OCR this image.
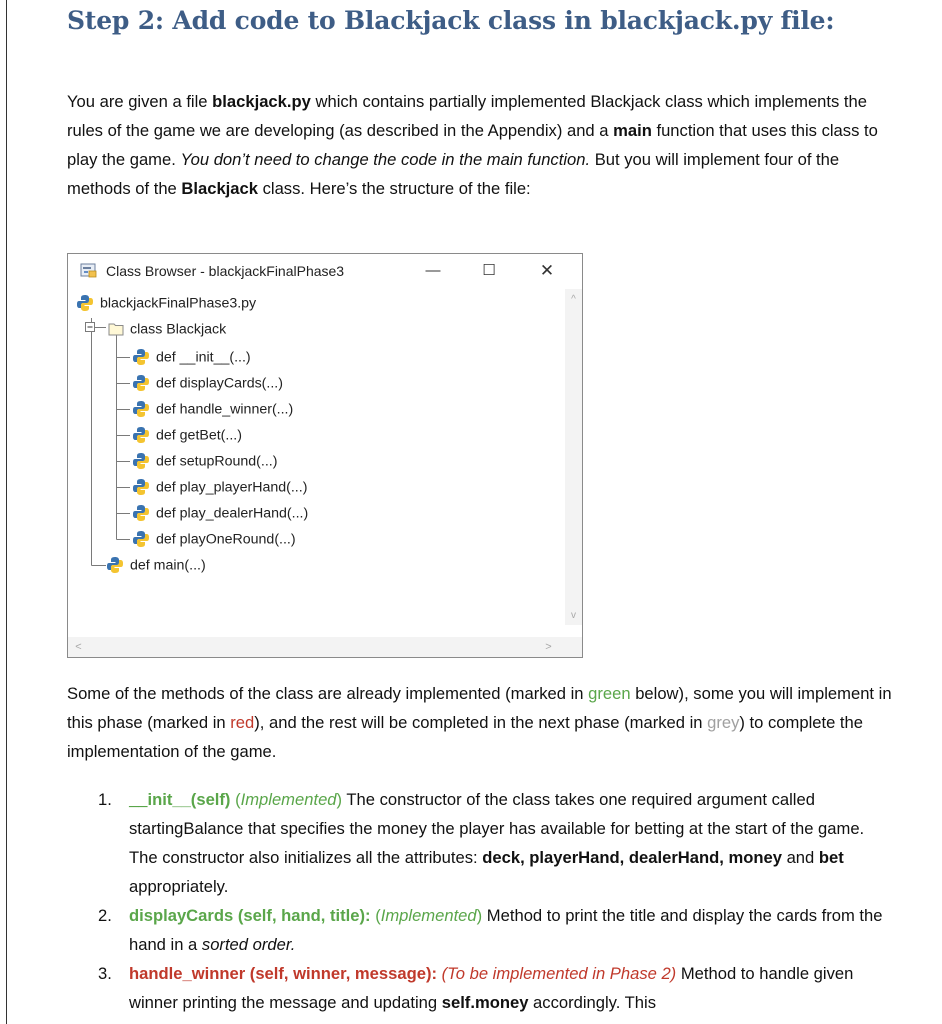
Step 2: Add code to Blackjack class in blackjack.py file:

You are given a file blackjack.py which contains partially implemented Blackjack class which implements the rules of the game we are developing (as described in the Appendix) and a main function that uses this class to play the game. You don’t need to change the code in the main function. But you will implement four of the methods of the Blackjack class. Here’s the structure of the file:

Class Browser - blackjackFinalPhase3	—	☐	✕
blackjackFinalPhase3.py
class Blackjack
def __init__(...)
def displayCards(...)
def handle_winner(...)
def getBet(...)
def setupRound(...)
def play_playerHand(...)
def play_dealerHand(...)
def playOneRound(...)
def main(...)
^
v
<	>

Some of the methods of the class are already implemented (marked in green below), some you will implement in this phase (marked in red), and the rest will be completed in the next phase (marked in grey) to complete the implementation of the game.

1. __init__(self) (Implemented) The constructor of the class takes one required argument called startingBalance that specifies the money the player has available for betting at the start of the game. The constructor also initializes all the attributes: deck, playerHand, dealerHand, money and bet appropriately.
2. displayCards (self, hand, title): (Implemented) Method to print the title and display the cards from the hand in a sorted order.
3. handle_winner (self, winner, message): (To be implemented in Phase 2) Method to handle given winner printing the message and updating self.money accordingly. This
